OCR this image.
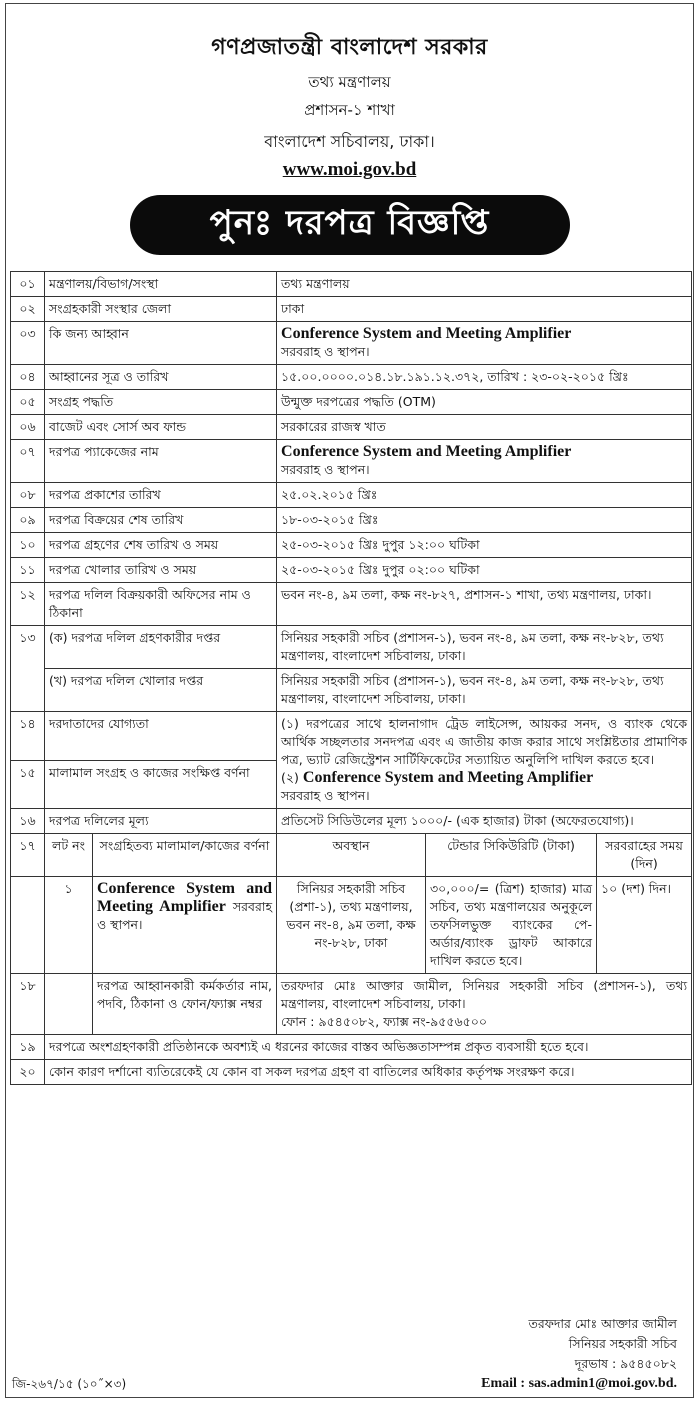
গণপ্রজাতন্ত্রী বাংলাদেশ সরকার
তথ্য মন্ত্রণালয়
প্রশাসন-১ শাখা
বাংলাদেশ সচিবালয়, ঢাকা।
www.moi.gov.bd
পুনঃ দরপত্র বিজ্ঞপ্তি
০১	মন্ত্রণালয়/বিভাগ/সংস্থা		তথ্য মন্ত্রণালয়		
০২	সংগ্রহকারী সংস্থার জেলা		ঢাকা		
০৩	কি জন্য আহ্বান		Conference System and Meeting Amplifier
সরবরাহ ও স্থাপন।		

০৪	আহ্বানের সূত্র ও তারিখ		১৫.০০.০০০০.০১৪.১৮.১৯১.১২.৩৭২, তারিখ : ২৩-০২-২০১৫ খ্রিঃ		
০৫	সংগ্রহ পদ্ধতি		উন্মুক্ত দরপত্রের পদ্ধতি (OTM)		
০৬	বাজেট এবং সোর্স অব ফান্ড		সরকারের রাজস্ব খাত		
০৭	দরপত্র প্যাকেজের নাম		Conference System and Meeting Amplifier
সরবরাহ ও স্থাপন।		

০৮	দরপত্র প্রকাশের তারিখ		২৫.০২.২০১৫ খ্রিঃ		
০৯	দরপত্র বিক্রয়ের শেষ তারিখ		১৮-০৩-২০১৫ খ্রিঃ		
১০	দরপত্র গ্রহণের শেষ তারিখ ও সময়		২৫-০৩-২০১৫ খ্রিঃ দুপুর ১২:০০ ঘটিকা		
১১	দরপত্র খোলার তারিখ ও সময়		২৫-০৩-২০১৫ খ্রিঃ দুপুর ০২:০০ ঘটিকা		
১২	দরপত্র দলিল বিক্রয়কারী অফিসের নাম ও ঠিকানা		ভবন নং-৪, ৯ম তলা, কক্ষ নং-৮২৭, প্রশাসন-১ শাখা, তথ্য মন্ত্রণালয়, ঢাকা।		
১৩	(ক) দরপত্র দলিল গ্রহণকারীর দপ্তর		সিনিয়র সহকারী সচিব (প্রশাসন-১), ভবন নং-৪, ৯ম তলা, কক্ষ নং-৮২৮, তথ্য মন্ত্রণালয়, বাংলাদেশ সচিবালয়, ঢাকা।		
	(খ) দরপত্র দলিল খোলার দপ্তর		সিনিয়র সহকারী সচিব (প্রশাসন-১), ভবন নং-৪, ৯ম তলা, কক্ষ নং-৮২৮, তথ্য মন্ত্রণালয়, বাংলাদেশ সচিবালয়, ঢাকা।		
১৪	দরদাতাদের যোগ্যতা		(১) দরপত্রের সাথে হালনাগাদ ট্রেড লাইসেন্স, আয়কর সনদ, ও ব্যাংক থেকে আর্থিক সচ্ছলতার সনদপত্র এবং এ জাতীয় কাজ করার সাথে সংশ্লিষ্টতার প্রামাণিক পত্র, ভ্যাট রেজিস্ট্রেশন সার্টিফিকেটের সত্যায়িত অনুলিপি দাখিল করতে হবে।
(২) Conference System and Meeting Amplifier
সরবরাহ ও স্থাপন।		

১৫	মালামাল সংগ্রহ ও কাজের সংক্ষিপ্ত বর্ণনা				
১৬	দরপত্র দলিলের মূল্য		প্রতিসেট সিডিউলের মূল্য ১০০০/- (এক হাজার) টাকা (অফেরতযোগ্য)।		
১৭	লট নং	সংগ্রহিতব্য মালামাল/কাজের বর্ণনা	অবস্থান	টেন্ডার সিকিউরিটি (টাকা)	সরবরাহের সময় (দিন)
	১	Conference System and Meeting Amplifier সরবরাহ ও স্থাপন।	সিনিয়র সহকারী সচিব (প্রশা-১), তথ্য মন্ত্রণালয়, ভবন নং-৪, ৯ম তলা, কক্ষ নং-৮২৮, ঢাকা	৩০,০০০/= (ত্রিশ) হাজার) মাত্র সচিব, তথ্য মন্ত্রণালয়ের অনুকূলে তফসিলভুক্ত ব্যাংকের পে-অর্ডার/ব্যাংক ড্রাফট আকারে দাখিল করতে হবে।	১০ (দশ) দিন।
১৮		দরপত্র আহ্বানকারী কর্মকর্তার নাম, পদবি, ঠিকানা ও ফোন/ফ্যাক্স নম্বর	তরফদার মোঃ আক্তার জামীল, সিনিয়র সহকারী সচিব (প্রশাসন-১), তথ্য মন্ত্রণালয়, বাংলাদেশ সচিবালয়, ঢাকা।
ফোন : ৯৫৪৫০৮২, ফ্যাক্স নং-৯৫৫৬৫০০		

১৯	দরপত্রে অংশগ্রহণকারী প্রতিষ্ঠানকে অবশ্যই এ ধরনের কাজের বাস্তব অভিজ্ঞতাসম্পন্ন প্রকৃত ব্যবসায়ী হতে হবে।				
২০	কোন কারণ দর্শানো ব্যতিরেকেই যে কোন বা সকল দরপত্র গ্রহণ বা বাতিলের অধিকার কর্তৃপক্ষ সংরক্ষণ করে।				
তরফদার মোঃ আক্তার জামীল
সিনিয়র সহকারী সচিব
দূরভাষ : ৯৫৪৫০৮২
Email : sas.admin1@moi.gov.bd.
জি-২৬৭/১৫ (১০˝×৩)
